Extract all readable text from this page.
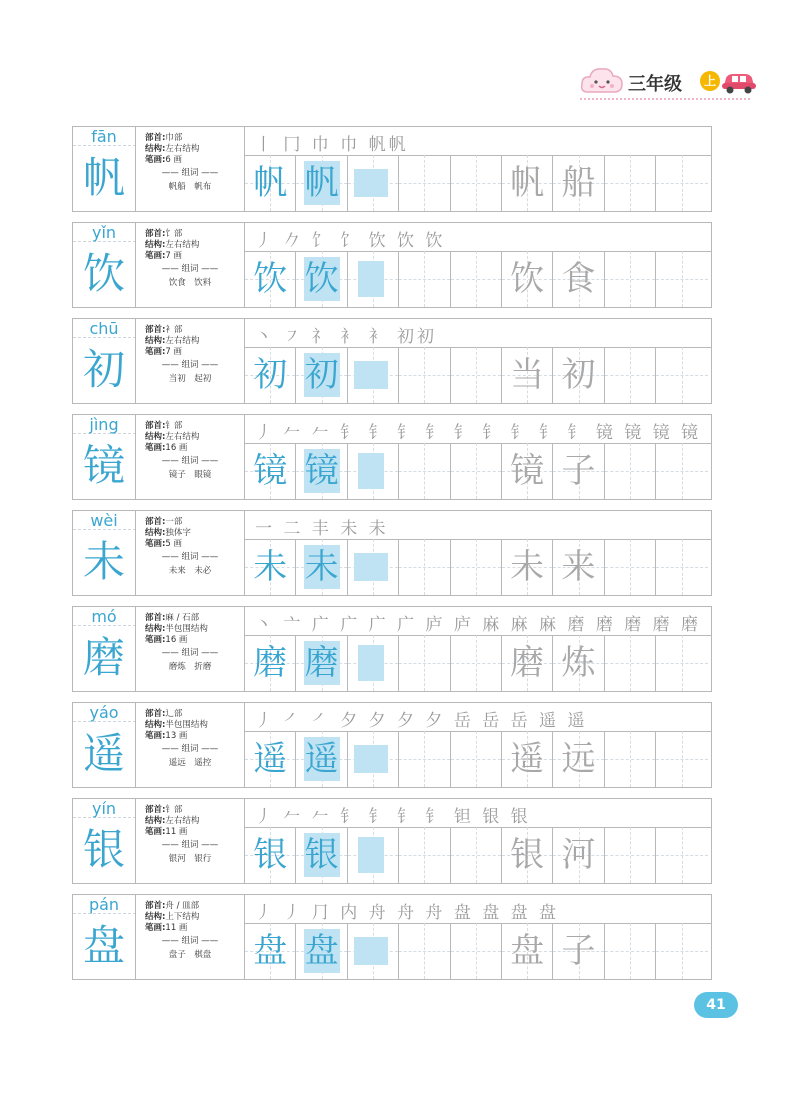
三年级	上
fān
帆
部首:巾部
结构:左右结构
笔画:6 画
—— 组词 ——
帆船　帆布
丨 冂 巾 巾 帆帆
帆 帆	帆 船
yǐn
饮
部首:饣部
结构:左右结构
笔画:7 画
—— 组词 ——
饮食　饮料
丿 𠂊 饣 饣 饮 饮 饮
饮 饮	饮 食
chū
初
部首:衤部
结构:左右结构
笔画:7 画
—— 组词 ——
当初　起初
丶 ㇇ 礻 衤 衤 初初
初 初	当 初
jìng
镜
部首:钅部
结构:左右结构
笔画:16 画
—— 组词 ——
镜子　眼镜
丿 𠂉 𠂉 钅 钅 钅 钅 钅 钅 钅 钅 钅 镜 镜 镜 镜
镜 镜	镜 子
wèi
未
部首:一部
结构:独体字
笔画:5 画
—— 组词 ——
未来　未必
一 二 丰 未 未
未 未	未 来
mó
磨
部首:麻 / 石部
结构:半包围结构
笔画:16 画
—— 组词 ——
磨炼　折磨
丶 亠 广 广 广 广 庐 庐 麻 麻 麻 磨 磨 磨 磨 磨
磨 磨	磨 炼
yáo
遥
部首:辶部
结构:半包围结构
笔画:13 画
—— 组词 ——
遥远　遥控
丿 ㇒ ㇒ 夕 夕 夕 夕 岳 岳 岳 遥 遥
遥 遥	遥 远
yín
银
部首:钅部
结构:左右结构
笔画:11 画
—— 组词 ——
银河　银行
丿 𠂉 𠂉 钅 钅 钅 钅 钽 银 银
银 银	银 河
pán
盘
部首:舟 / 皿部
结构:上下结构
笔画:11 画
—— 组词 ——
盘子　棋盘
丿 丿 ⺆ 内 舟 舟 舟 盘 盘 盘 盘
盘 盘	盘 子
41
